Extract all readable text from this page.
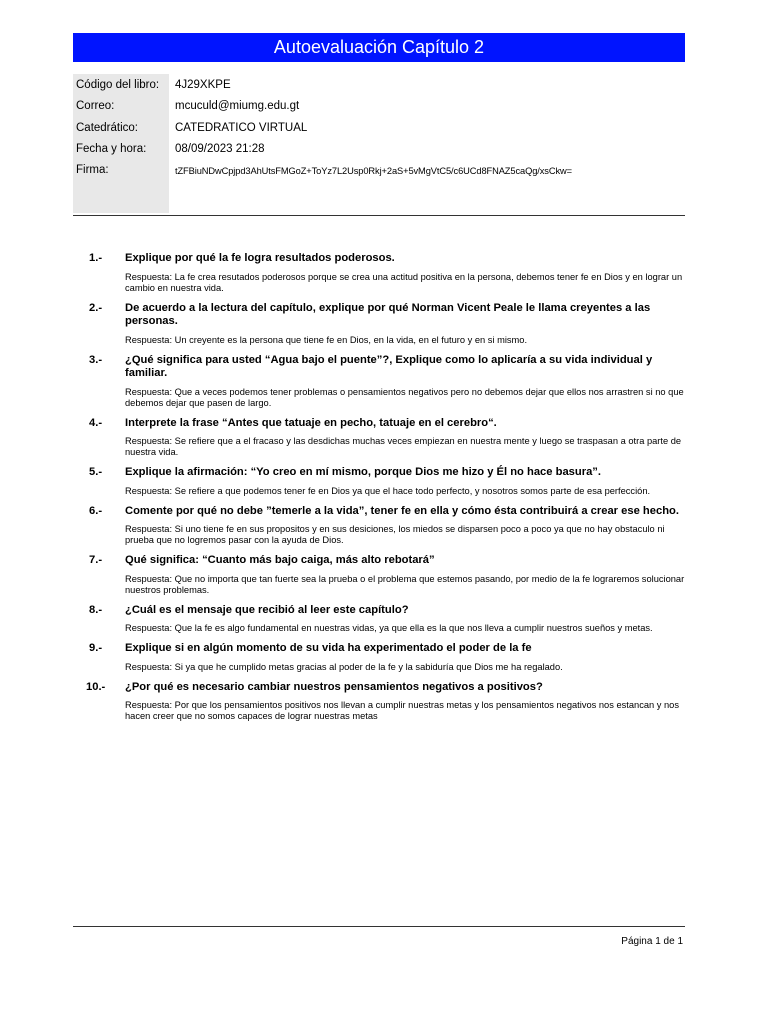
Autoevaluación Capítulo 2
Código del libro:	4J29XKPE
Correo:	mcuculd@miumg.edu.gt
Catedrático:	CATEDRATICO VIRTUAL
Fecha y hora:	08/09/2023 21:28
Firma:	tZFBiuNDwCpjpd3AhUtsFMGoZ+ToYz7L2Usp0Rkj+2aS+5vMgVtC5/c6UCd8FNAZ5caQg/xsCkw=
1.-	Explique por qué la fe logra resultados poderosos.
Respuesta: La fe crea resutados poderosos porque se crea una actitud positiva en la persona, debemos tener fe en Dios y en lograr un cambio en nuestra vida.
2.-	De acuerdo a la lectura del capítulo, explique por qué Norman Vicent Peale le llama creyentes a las personas.
Respuesta: Un creyente es la persona que tiene fe en Dios, en la vida, en el futuro y en si mismo.
3.-	¿Qué significa para usted “Agua bajo el puente”?, Explique como lo aplicaría a su vida individual y familiar.
Respuesta: Que a veces podemos tener problemas o pensamientos negativos pero no debemos dejar que ellos nos arrastren si no que debemos dejar que pasen de largo.
4.-	Interprete la frase “Antes que tatuaje en pecho, tatuaje en el cerebro“.
Respuesta: Se refiere que a el fracaso y las desdichas muchas veces empiezan en nuestra mente y luego se traspasan a otra parte de nuestra vida.
5.-	Explique la afirmación: “Yo creo en mí mismo, porque Dios me hizo y Él no hace basura”.
Respuesta: Se refiere a que podemos tener fe en Dios ya que el hace todo perfecto, y nosotros somos parte de esa perfección.
6.-	Comente por qué no debe ”temerle a la vida”, tener fe en ella y cómo ésta contribuirá a crear ese hecho.
Respuesta: Si uno tiene fe en sus propositos y en sus desiciones, los miedos se disparsen poco a poco ya que no hay obstaculo ni prueba que no logremos pasar con la ayuda de Dios.
7.-	Qué significa: “Cuanto más bajo caiga, más alto rebotará”
Respuesta: Que no importa que tan fuerte sea la prueba o el problema que estemos pasando, por medio de la fe lograremos solucionar nuestros problemas.
8.-	¿Cuál es el mensaje que recibió al leer este capítulo?
Respuesta: Que la fe es algo fundamental en nuestras vidas, ya que ella es la que nos lleva a cumplir nuestros sueños y metas.
9.-	Explique si en algún momento de su vida ha experimentado el poder de la fe
Respuesta: Si ya que he cumplido metas gracias al poder de la fe y la sabiduría que Dios me ha regalado.
10.-	¿Por qué es necesario cambiar nuestros pensamientos negativos a positivos?
Respuesta: Por que los pensamientos positivos nos llevan a cumplir nuestras metas y los pensamientos negativos nos estancan y nos hacen creer que no somos capaces de lograr nuestras metas
Página 1 de 1
